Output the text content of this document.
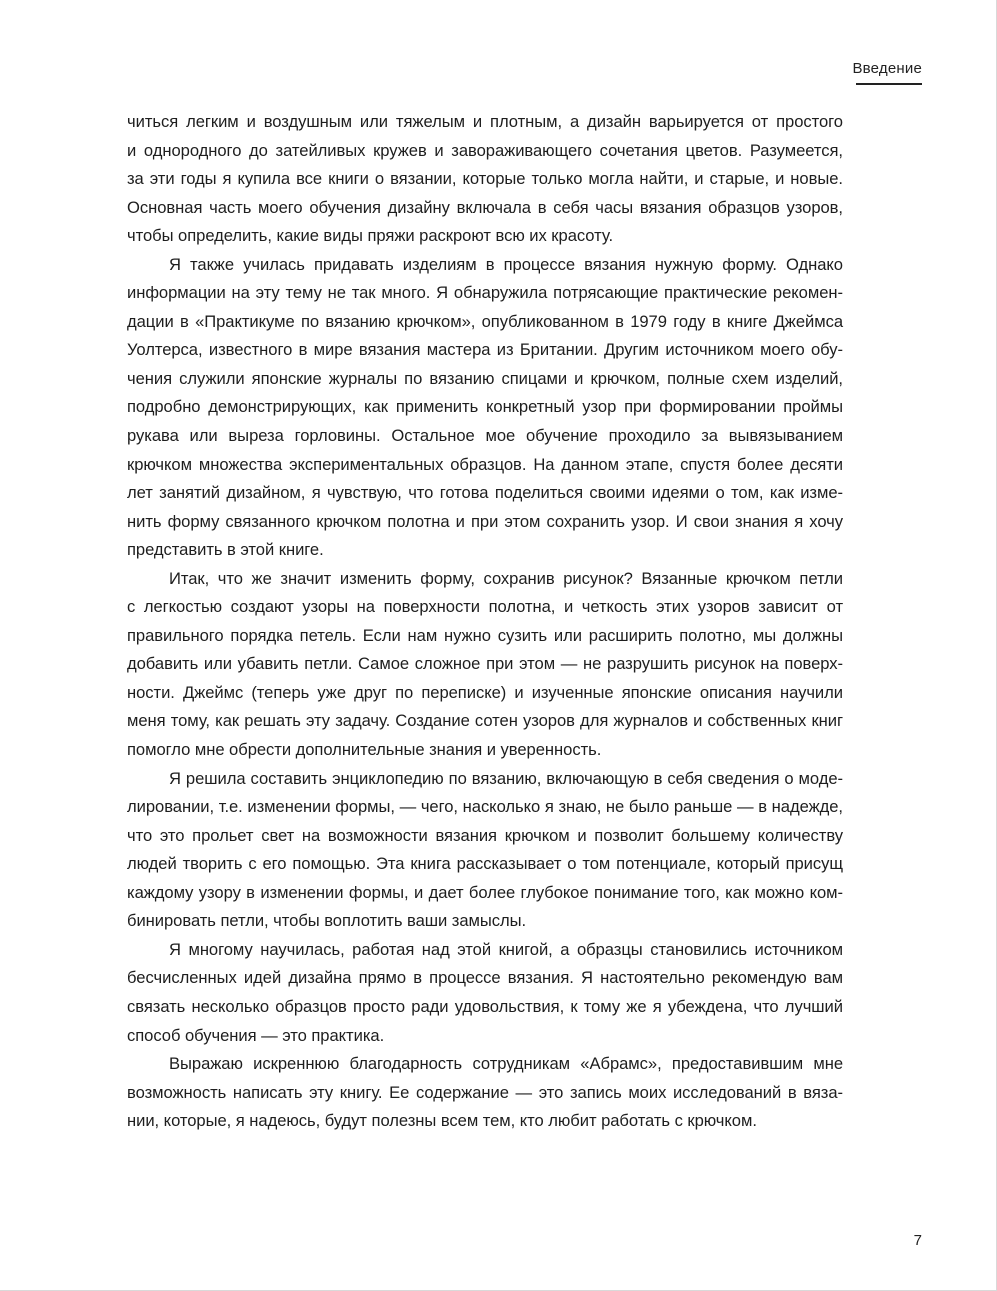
Введение
читься легким и воздушным или тяжелым и плотным, а дизайн варьируется от простого
и однородного до затейливых кружев и завораживающего сочетания цветов. Разумеется,
за эти годы я купила все книги о вязании, которые только могла найти, и старые, и новые.
Основная часть моего обучения дизайну включала в себя часы вязания образцов узоров,
чтобы определить, какие виды пряжи раскроют всю их красоту.
Я также училась придавать изделиям в процессе вязания нужную форму. Однако
информации на эту тему не так много. Я обнаружила потрясающие практические рекомен-
дации в «Практикуме по вязанию крючком», опубликованном в 1979 году в книге Джеймса
Уолтерса, известного в мире вязания мастера из Британии. Другим источником моего обу-
чения служили японские журналы по вязанию спицами и крючком, полные схем изделий,
подробно демонстрирующих, как применить конкретный узор при формировании проймы
рукава или выреза горловины. Остальное мое обучение проходило за вывязыванием
крючком множества экспериментальных образцов. На данном этапе, спустя более десяти
лет занятий дизайном, я чувствую, что готова поделиться своими идеями о том, как изме-
нить форму связанного крючком полотна и при этом сохранить узор. И свои знания я хочу
представить в этой книге.
Итак, что же значит изменить форму, сохранив рисунок? Вязанные крючком петли
с легкостью создают узоры на поверхности полотна, и четкость этих узоров зависит от
правильного порядка петель. Если нам нужно сузить или расширить полотно, мы должны
добавить или убавить петли. Самое сложное при этом — не разрушить рисунок на поверх-
ности. Джеймс (теперь уже друг по переписке) и изученные японские описания научили
меня тому, как решать эту задачу. Создание сотен узоров для журналов и собственных книг
помогло мне обрести дополнительные знания и уверенность.
Я решила составить энциклопедию по вязанию, включающую в себя сведения о моде-
лировании, т.е. изменении формы, — чего, насколько я знаю, не было раньше — в надежде,
что это прольет свет на возможности вязания крючком и позволит большему количеству
людей творить с его помощью. Эта книга рассказывает о том потенциале, который присущ
каждому узору в изменении формы, и дает более глубокое понимание того, как можно ком-
бинировать петли, чтобы воплотить ваши замыслы.
Я многому научилась, работая над этой книгой, а образцы становились источником
бесчисленных идей дизайна прямо в процессе вязания. Я настоятельно рекомендую вам
связать несколько образцов просто ради удовольствия, к тому же я убеждена, что лучший
способ обучения — это практика.
Выражаю искреннюю благодарность сотрудникам «Абрамс», предоставившим мне
возможность написать эту книгу. Ее содержание — это запись моих исследований в вяза-
нии, которые, я надеюсь, будут полезны всем тем, кто любит работать с крючком.
7
